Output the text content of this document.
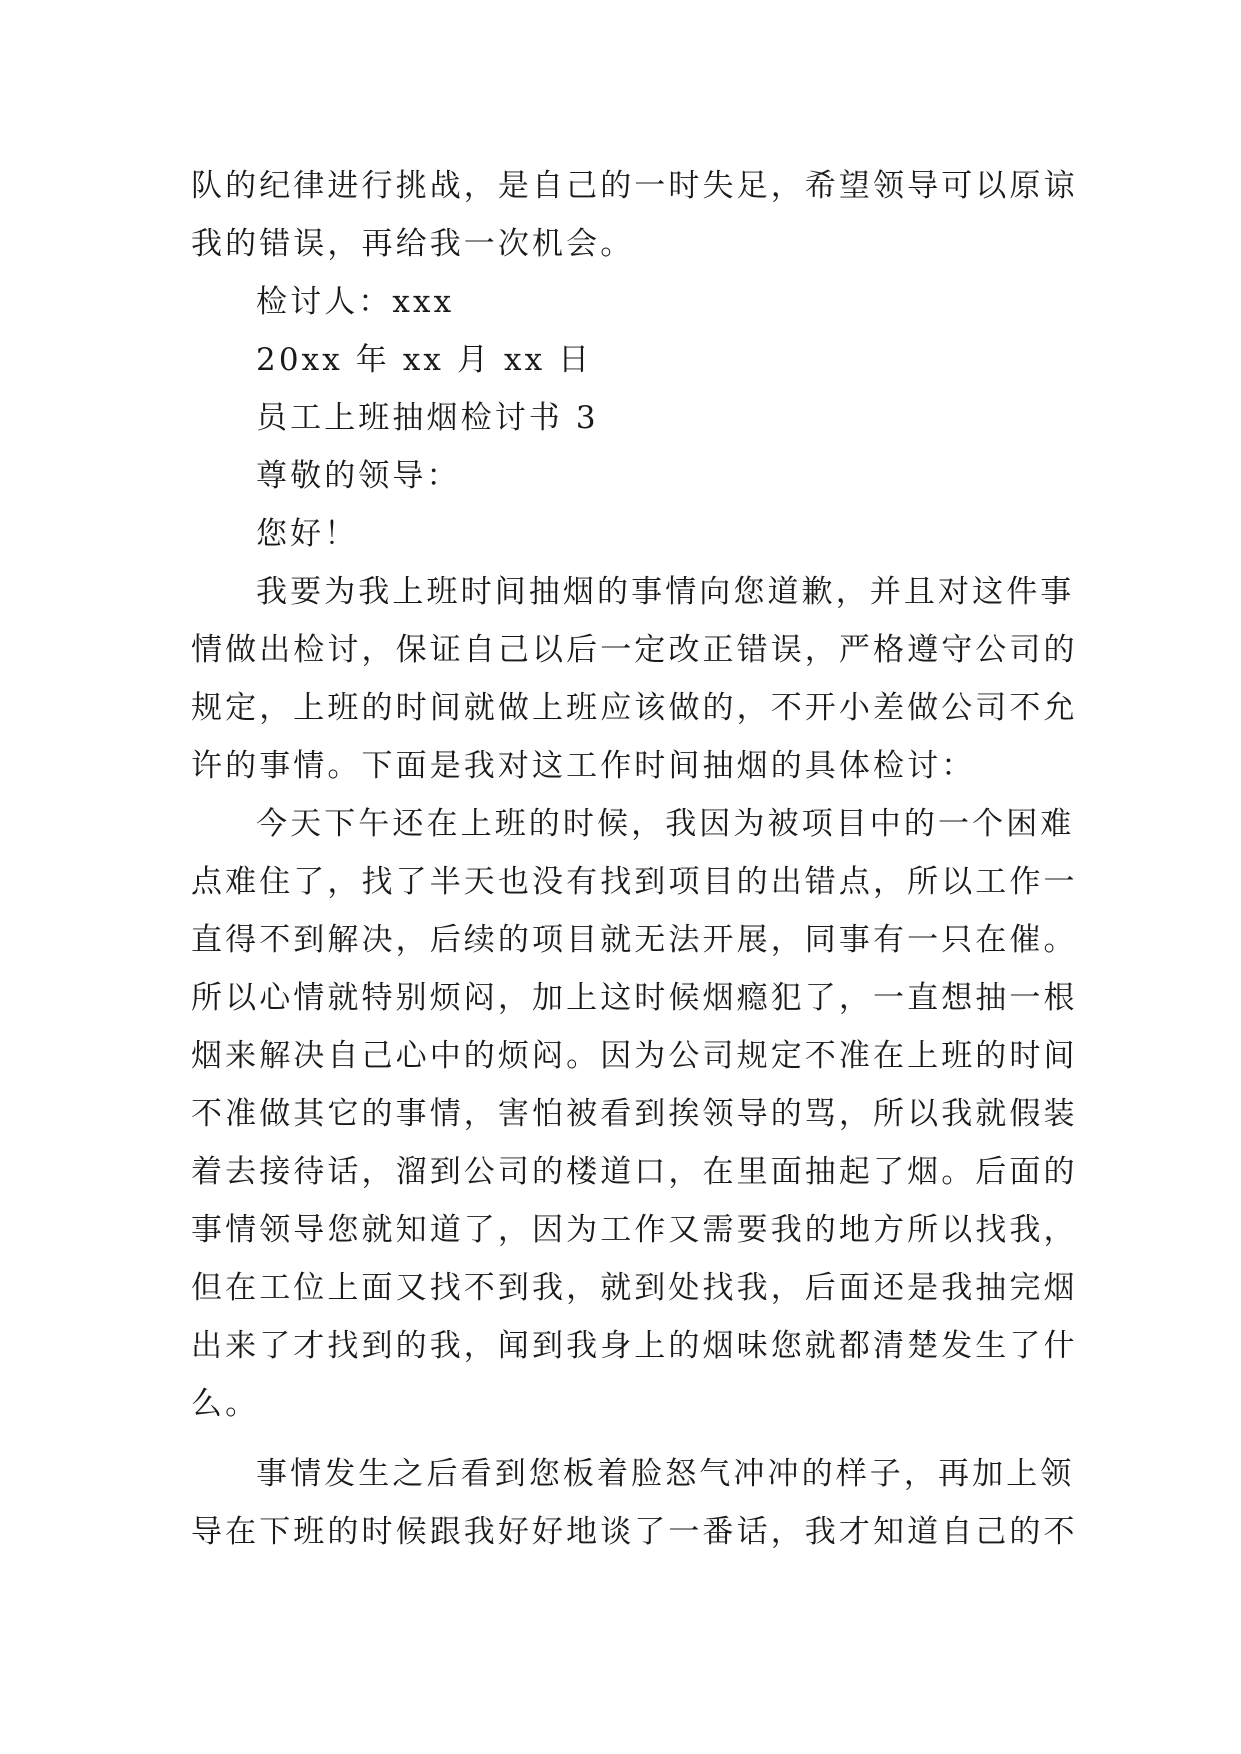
队的纪律进行挑战，是自己的一时失足，希望领导可以原谅
我的错误，再给我一次机会。
检讨人：xxx
20xx 年 xx 月 xx 日
员工上班抽烟检讨书 3
尊敬的领导：
您好！
我要为我上班时间抽烟的事情向您道歉，并且对这件事
情做出检讨，保证自己以后一定改正错误，严格遵守公司的
规定，上班的时间就做上班应该做的，不开小差做公司不允
许的事情。下面是我对这工作时间抽烟的具体检讨：
今天下午还在上班的时候，我因为被项目中的一个困难
点难住了，找了半天也没有找到项目的出错点，所以工作一
直得不到解决，后续的项目就无法开展，同事有一只在催。
所以心情就特别烦闷，加上这时候烟瘾犯了，一直想抽一根
烟来解决自己心中的烦闷。因为公司规定不准在上班的时间
不准做其它的事情，害怕被看到挨领导的骂，所以我就假装
着去接待话，溜到公司的楼道口，在里面抽起了烟。后面的
事情领导您就知道了，因为工作又需要我的地方所以找我，
但在工位上面又找不到我，就到处找我，后面还是我抽完烟
出来了才找到的我，闻到我身上的烟味您就都清楚发生了什
么。
事情发生之后看到您板着脸怒气冲冲的样子，再加上领
导在下班的时候跟我好好地谈了一番话，我才知道自己的不
